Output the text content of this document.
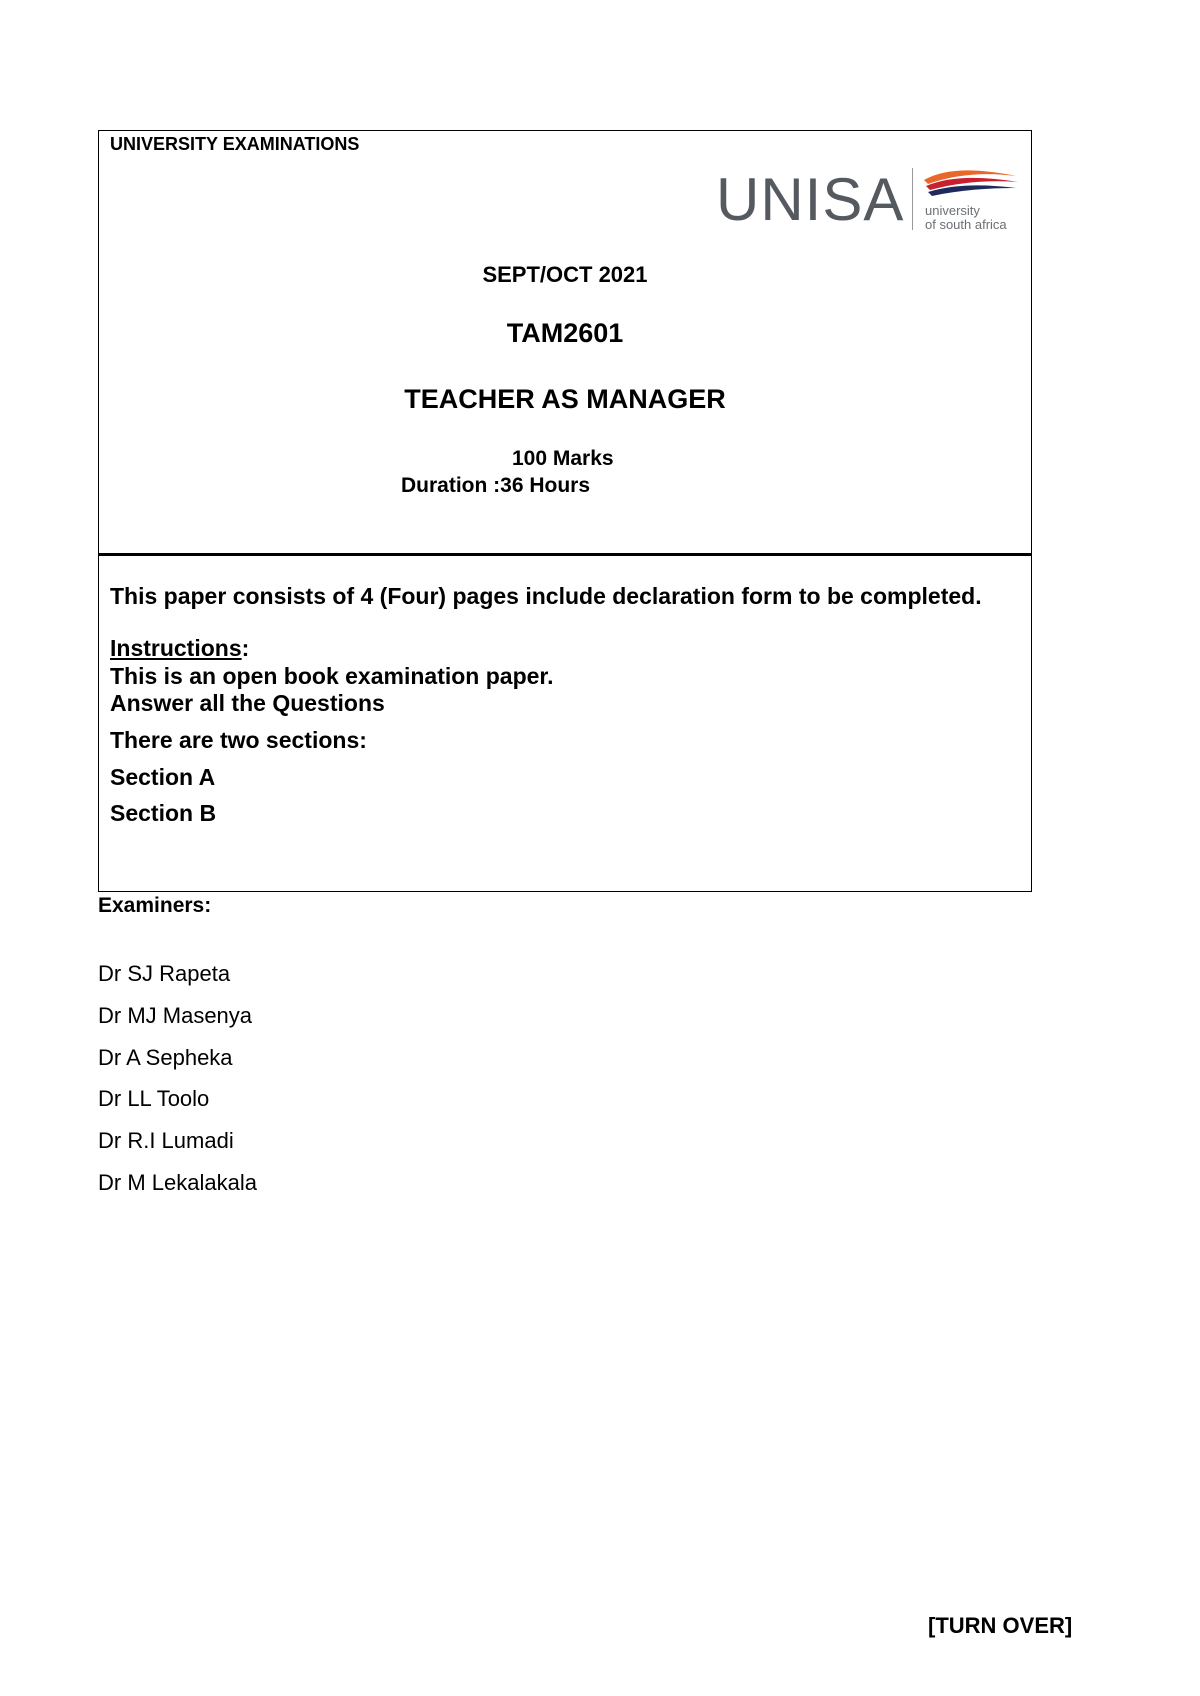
UNIVERSITY EXAMINATIONS
UNISA university
of south africa
SEPT/OCT 2021
TAM2601
TEACHER AS MANAGER
100 Marks
Duration :36 Hours
This paper consists of 4 (Four) pages include declaration form to be completed.
Instructions:
This is an open book examination paper.
Answer all the Questions
There are two sections:
Section A
Section B
Examiners:
Dr SJ Rapeta
Dr MJ Masenya
Dr A Sepheka
Dr LL Toolo
Dr R.I Lumadi
Dr M Lekalakala
[TURN OVER]
